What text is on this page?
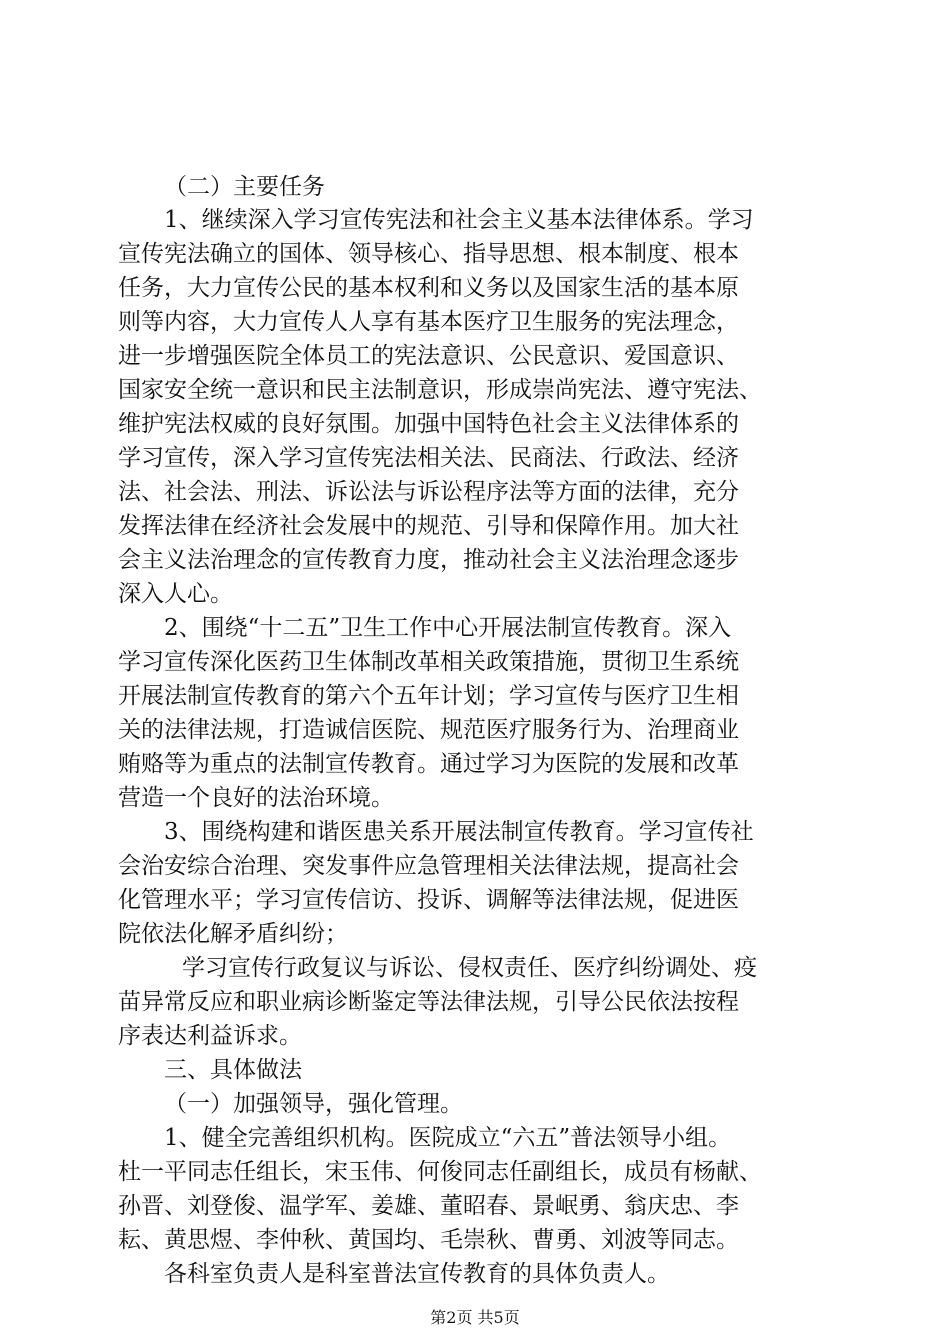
（二）主要任务

1、继续深入学习宣传宪法和社会主义基本法律体系。学习

宣传宪法确立的国体、领导核心、指导思想、根本制度、根本

任务，大力宣传公民的基本权利和义务以及国家生活的基本原

则等内容，大力宣传人人享有基本医疗卫生服务的宪法理念，

进一步增强医院全体员工的宪法意识、公民意识、爱国意识、

国家安全统一意识和民主法制意识，形成崇尚宪法、遵守宪法、

维护宪法权威的良好氛围。加强中国特色社会主义法律体系的

学习宣传，深入学习宣传宪法相关法、民商法、行政法、经济

法、社会法、刑法、诉讼法与诉讼程序法等方面的法律，充分

发挥法律在经济社会发展中的规范、引导和保障作用。加大社

会主义法治理念的宣传教育力度，推动社会主义法治理念逐步

深入人心。

2、围绕“十二五”卫生工作中心开展法制宣传教育。深入

学习宣传深化医药卫生体制改革相关政策措施，贯彻卫生系统

开展法制宣传教育的第六个五年计划；学习宣传与医疗卫生相

关的法律法规，打造诚信医院、规范医疗服务行为、治理商业

贿赂等为重点的法制宣传教育。通过学习为医院的发展和改革

营造一个良好的法治环境。

3、围绕构建和谐医患关系开展法制宣传教育。学习宣传社

会治安综合治理、突发事件应急管理相关法律法规，提高社会

化管理水平；学习宣传信访、投诉、调解等法律法规，促进医

院依法化解矛盾纠纷；

学习宣传行政复议与诉讼、侵权责任、医疗纠纷调处、疫

苗异常反应和职业病诊断鉴定等法律法规，引导公民依法按程

序表达利益诉求。

三、具体做法

（一）加强领导，强化管理。

1、健全完善组织机构。医院成立“六五”普法领导小组。

杜一平同志任组长，宋玉伟、何俊同志任副组长，成员有杨献、

孙晋、刘登俊、温学军、姜雄、董昭春、景岷勇、翁庆忠、李

耘、黄思煜、李仲秋、黄国均、毛崇秋、曹勇、刘波等同志。

各科室负责人是科室普法宣传教育的具体负责人。

第2页 共5页
